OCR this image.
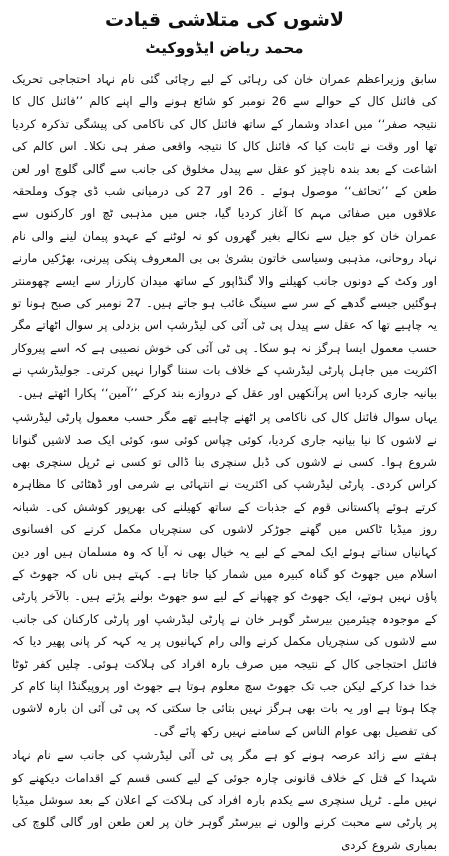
لاشوں کی متلاشی قیادت
محمد ریاض ایڈووکیٹ

سابق وزیراعظم عمران خان کی رہائی کے لیے رچائی گئی نام نہاد احتجاجی تحریک کی فائنل کال کے حوالے سے 26 نومبر کو شائع ہونے والے اپنے کالم ’’فائنل کال کا نتیجہ صفر‘‘ میں اعداد وشمار کے ساتھ فائنل کال کی ناکامی کی پیشگی تذکرہ کردیا تھا اور وقت نے ثابت کیا کہ فائنل کال کا نتیجہ واقعی صفر ہی نکلا۔ اس کالم کی اشاعت کے بعد بندہ ناچیز کو عقل سے پیدل مخلوق کی جانب سے گالی گلوچ اور لعن طعن کے ’’تحائف‘‘ موصول ہوئے ۔ 26 اور 27 کی درمیانی شب ڈی چوک وملحقہ علاقوں میں صفائی مہم کا آغاز کردیا گیا، جس میں مذہبی ٹچ اور کارکنوں سے عمران خان کو جیل سے نکالے بغیر گھروں کو نہ لوٹنے کے عہدو پیمان لینے والی نام نہاد روحانی، مذہبی وسیاسی خاتون بشریٰ بی بی المعروف پنکی پیرنی، بھڑکیں مارنے اور وکٹ کے دونوں جانب کھیلنے والا گنڈاپور کے ساتھ میدان کارزار سے ایسے چھومنتر ہوگئیں جیسے گدھے کے سر سے سینگ غائب ہو جاتے ہیں۔ 27 نومبر کی صبح ہونا تو یہ چاہیے تھا کہ عقل سے پیدل پی ٹی آئی کی لیڈرشپ اس بزدلی پر سوال اٹھاتے مگر حسب معمول ایسا ہرگز نہ ہو سکا۔ پی ٹی آئی کی خوش نصیبی ہے کہ اسے پیروکار اکثریت میں جاہل پارٹی لیڈرشپ کے خلاف بات سننا گوارا نہیں کرتی۔ جولیڈرشپ نے بیانیہ جاری کردیا اس پرآنکھیں اور عقل کے دروازے بند کرکے ’’آمین‘‘ پکارا اٹھتے ہیں۔

یہاں سوال فائنل کال کی ناکامی پر اٹھنے چاہیے تھے مگر حسب معمول پارٹی لیڈرشپ نے لاشوں کا نیا بیانیہ جاری کردیا، کوئی چپاس کوئی سو، کوئی ایک صد لاشیں گنوانا شروع ہوا۔ کسی نے لاشوں کی ڈبل سنچری بنا ڈالی تو کسی نے ٹرپل سنچری بھی کراس کردی۔ پارٹی لیڈرشپ کی اکثریت نے انتہائی بے شرمی اور ڈھٹائی کا مظاہرہ کرتے ہوئے پاکستانی قوم کے جذبات کے ساتھ کھیلنے کی بھرپور کوشش کی۔ شبانہ روز میڈیا ٹاکس میں گھنے جوڑکر لاشوں کی سنچریاں مکمل کرنے کی افسانوی کہانیاں سناتے ہوئے ایک لمحے کے لیے یہ خیال بھی نہ آیا کہ وہ مسلمان ہیں اور دین اسلام میں جھوٹ کو گناہ کبیرہ میں شمار کیا جاتا ہے۔ کہتے ہیں ناں کہ جھوٹ کے پاؤں نہیں ہوتے، ایک جھوٹ کو چھپانے کے لیے سو جھوٹ بولنے پڑتے ہیں۔ بالآخر پارٹی کے موجودہ چیئرمین بیرسٹر گوہر خان نے پارٹی لیڈرشپ اور پارٹی کارکنان کی جانب سے لاشوں کی سنچریاں مکمل کرنے والی رام کہانیوں پر یہ کہہ کر پانی پھیر دیا کہ فائنل احتجاجی کال کے نتیجہ میں صرف بارہ افراد کی ہلاکت ہوئی۔ چلیں کفر ٹوٹا خدا خدا کرکے لیکن جب تک جھوٹ سچ معلوم ہوتا ہے جھوٹ اور پروپیگنڈا اپنا کام کر چکا ہوتا ہے اور یہ بات بھی ہرگز نہیں بتائی جا سکتی کہ پی ٹی آئی ان بارہ لاشوں کی تفصیل بھی عوام الناس کے سامنے نہیں رکھ پائے گی۔

ہفتے سے زائد عرصہ ہونے کو ہے مگر پی ٹی آئی لیڈرشپ کی جانب سے نام نہاد شہدا کے قتل کے خلاف قانونی چارہ جوئی کے لیے کسی قسم کے اقدامات دیکھنے کو نہیں ملے۔ ٹرپل سنچری سے یکدم بارہ افراد کی ہلاکت کے اعلان کے بعد سوشل میڈیا پر پارٹی سے محبت کرنے والوں نے بیرسٹر گوہر خان پر لعن طعن اور گالی گلوچ کی بمباری شروع کردی
